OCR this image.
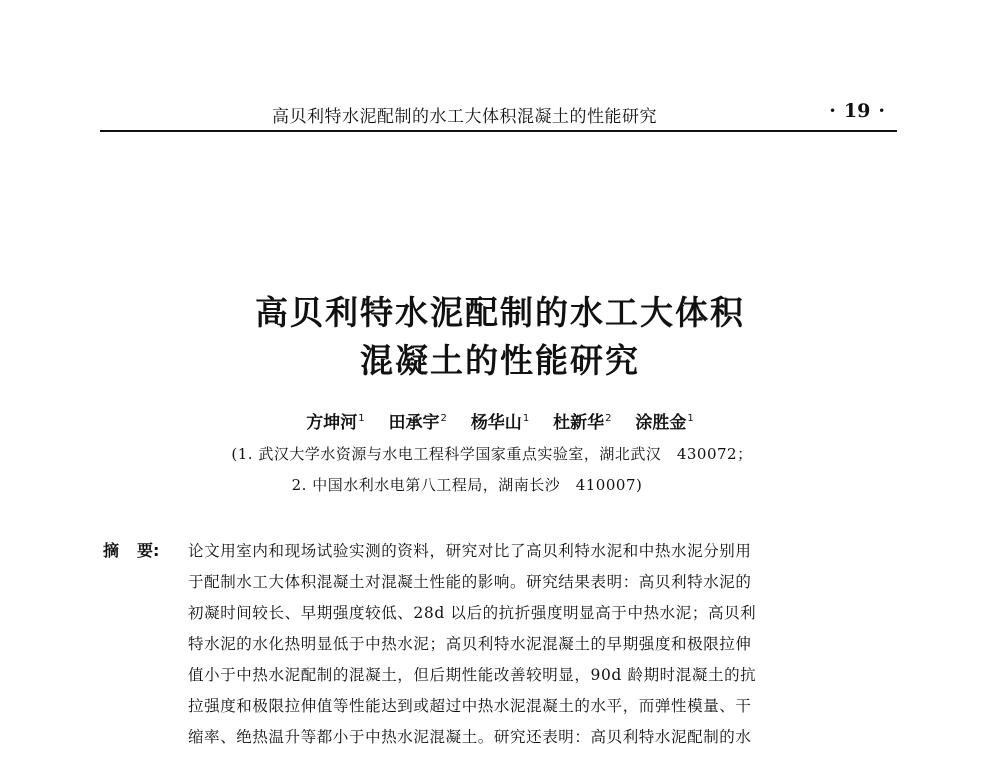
高贝利特水泥配制的水工大体积混凝土的性能研究	· 19 ·
高贝利特水泥配制的水工大体积
混凝土的性能研究
方坤河$^1$ 田承宇$^2$ 杨华山$^1$ 杜新华$^2$ 涂胜金$^1$
(1. 武汉大学水资源与水电工程科学国家重点实验室，湖北武汉　430072；
2. 中国水利水电第八工程局，湖南长沙　410007)
摘 要: 论文用室内和现场试验实测的资料，研究对比了高贝利特水泥和中热水泥分别用
于配制水工大体积混凝土对混凝土性能的影响。研究结果表明：高贝利特水泥的
初凝时间较长、早期强度较低、28d 以后的抗折强度明显高于中热水泥；高贝利
特水泥的水化热明显低于中热水泥；高贝利特水泥混凝土的早期强度和极限拉伸
值小于中热水泥配制的混凝土，但后期性能改善较明显，90d 龄期时混凝土的抗
拉强度和极限拉伸值等性能达到或超过中热水泥混凝土的水平，而弹性模量、干
缩率、绝热温升等都小于中热水泥混凝土。研究还表明：高贝利特水泥配制的水
